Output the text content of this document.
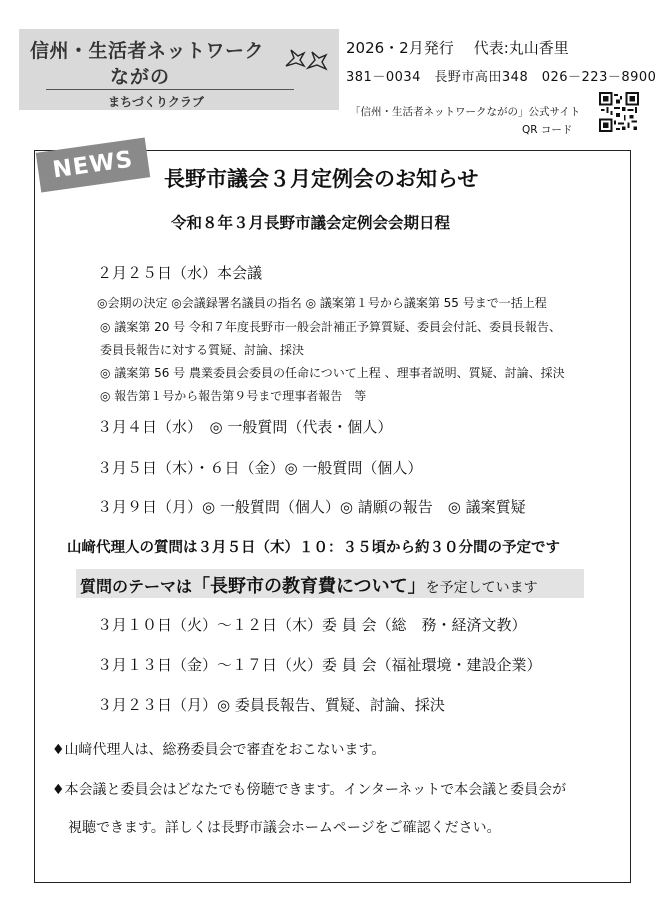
信州・生活者ネットワーク
ながの
まちづくりクラブ
2026・2月発行 代表:丸山香里
381－0034　長野市高田348　026－223－8900
「信州・生活者ネットワークながの」公式サイト
QR コード
NEWS	長野市議会３月定例会のお知らせ
令和８年３月長野市議会定例会会期日程
２月２５日（水）本会議
◎会期の決定 ◎会議録署名議員の指名 ◎ 議案第１号から議案第 55 号まで一括上程
◎ 議案第 20 号 令和７年度長野市一般会計補正予算質疑、委員会付託、委員長報告、
委員長報告に対する質疑、討論、採決
◎ 議案第 56 号 農業委員会委員の任命について上程 、理事者説明、質疑、討論、採決
◎ 報告第１号から報告第９号まで理事者報告　等
３月４日（水）　◎ 一般質問（代表・個人）
３月５日（木）・６日（金）◎ 一般質問（個人）
３月９日（月）◎ 一般質問（個人）◎ 請願の報告　◎ 議案質疑
山﨑代理人の質問は３月５日（木）１０：３５頃から約３０分間の予定です
質問のテーマは「長野市の教育費について」を予定しています
３月１０日（火）～１２日（木）委 員 会（総　務・経済文教）
３月１３日（金）～１７日（火）委 員 会（福祉環境・建設企業）
３月２３日（月）◎ 委員長報告、質疑、討論、採決
♦山﨑代理人は、総務委員会で審査をおこないます。
♦本会議と委員会はどなたでも傍聴できます。インターネットで本会議と委員会が
視聴できます。詳しくは長野市議会ホームページをご確認ください。
